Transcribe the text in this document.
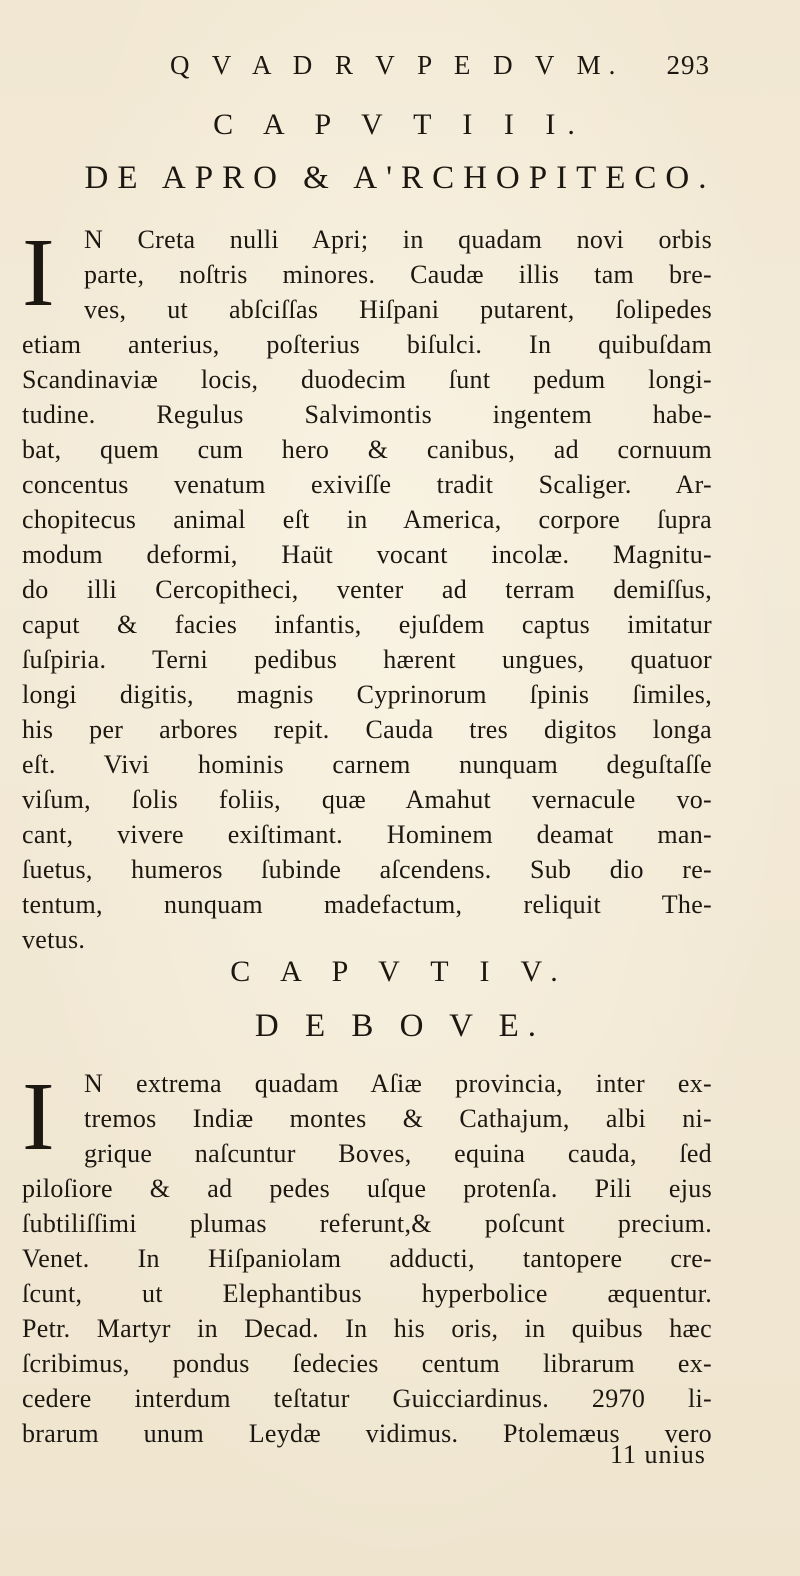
Q V A D R V P E D V M. 293
C A P V T I I I.
DE APRO & A'RCHOPITECO.
I	N Creta nulli Apri; in quadam novi orbis
parte, noſtris minores. Caudæ illis tam bre-
ves, ut abſciſſas Hiſpani putarent, ſolipedes
etiam anterius, poſterius biſulci. In quibuſdam
Scandinaviæ locis, duodecim ſunt pedum longi-
tudine. Regulus Salvimontis ingentem habe-
bat, quem cum hero & canibus, ad cornuum
concentus venatum exiviſſe tradit Scaliger. Ar-
chopitecus animal eſt in America, corpore ſupra
modum deformi, Haüt vocant incolæ. Magnitu-
do illi Cercopitheci, venter ad terram demiſſus,
caput & facies infantis, ejuſdem captus imitatur
ſuſpiria. Terni pedibus hærent ungues, quatuor
longi digitis, magnis Cyprinorum ſpinis ſimiles,
his per arbores repit. Cauda tres digitos longa
eſt. Vivi hominis carnem nunquam deguſtaſſe
viſum, ſolis foliis, quæ Amahut vernacule vo-
cant, vivere exiſtimant. Hominem deamat man-
ſuetus, humeros ſubinde aſcendens. Sub dio re-
tentum, nunquam madefactum, reliquit The-
vetus.
C A P V T I V.
D E B O V E.
I	N extrema quadam Aſiæ provincia, inter ex-
tremos Indiæ montes & Cathajum, albi ni-
grique naſcuntur Boves, equina cauda, ſed
piloſiore & ad pedes uſque protenſa. Pili ejus
ſubtiliſſimi plumas referunt,& poſcunt precium.
Venet. In Hiſpaniolam adducti, tantopere cre-
ſcunt, ut Elephantibus hyperbolice æquentur.
Petr. Martyr in Decad. In his oris, in quibus hæc
ſcribimus, pondus ſedecies centum librarum ex-
cedere interdum teſtatur Guicciardinus. 2970 li-
brarum unum Leydæ vidimus. Ptolemæus vero
11 unius
